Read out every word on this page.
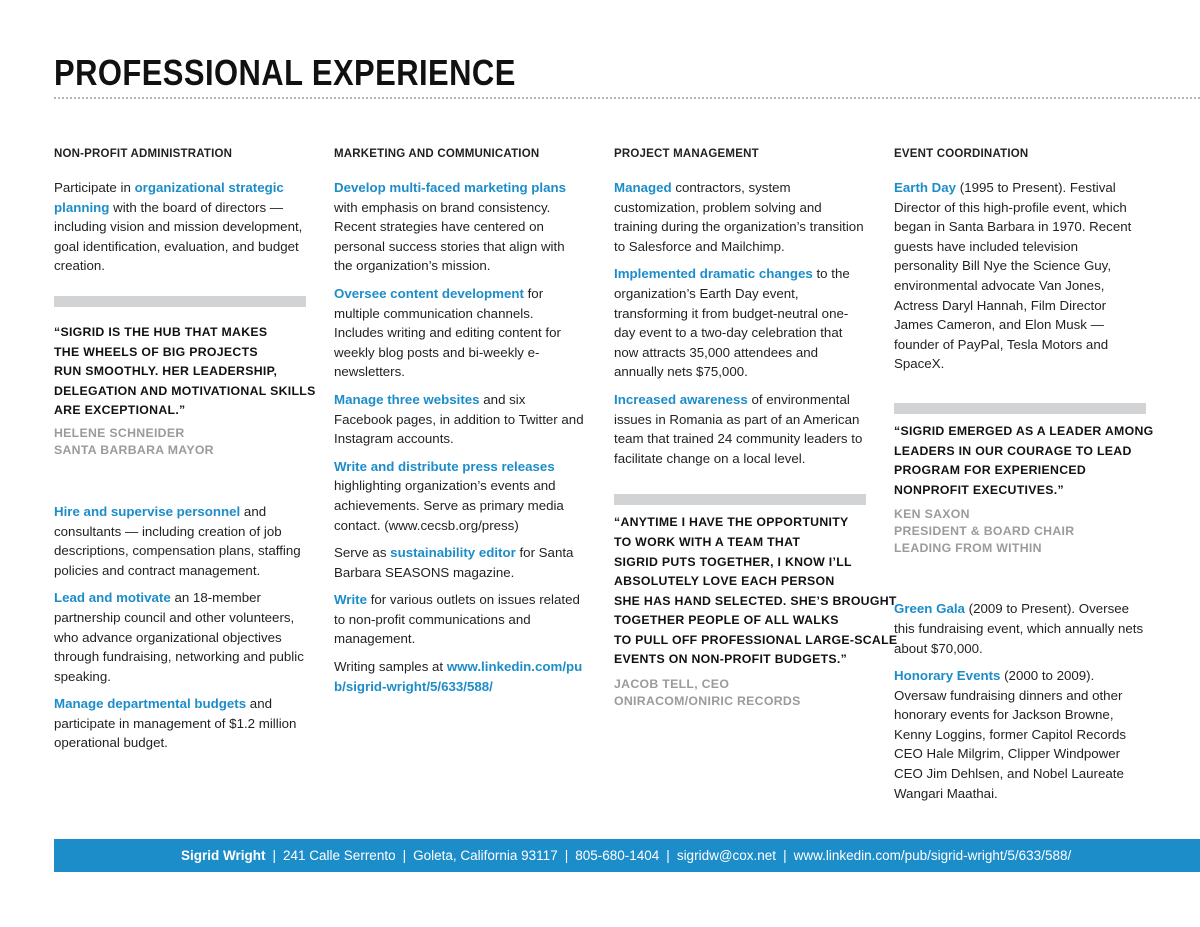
PROFESSIONAL EXPERIENCE
NON-PROFIT ADMINISTRATION

Participate in organizational strategic planning with the board of directors — including vision and mission development, goal identification, evaluation, and budget creation.

“SIGRID IS THE HUB THAT MAKES

THE WHEELS OF BIG PROJECTS

RUN SMOOTHLY. HER LEADERSHIP,

DELEGATION AND MOTIVATIONAL SKILLS

ARE EXCEPTIONAL.”

HELENE SCHNEIDER

SANTA BARBARA MAYOR

Hire and supervise personnel and consultants — including creation of job descriptions, compensation plans, staffing policies and contract management.

Lead and motivate an 18-member partnership council and other volunteers, who advance organizational objectives through fundraising, networking and public speaking.

Manage departmental budgets and participate in management of $1.2 million operational budget.

MARKETING AND COMMUNICATION

Develop multi-faced marketing plans with emphasis on brand consistency. Recent strategies have centered on personal success stories that align with the organization’s mission.

Oversee content development for multiple communication channels. Includes writing and editing content for weekly blog posts and bi-weekly e-newsletters.

Manage three websites and six Facebook pages, in addition to Twitter and Instagram accounts.

Write and distribute press releases highlighting organization’s events and achievements. Serve as primary media contact. (www.cecsb.org/press)

Serve as sustainability editor for Santa Barbara SEASONS magazine.

Write for various outlets on issues related to non-profit communications and management.

Writing samples at www.linkedin.com/pub/sigrid-wright/5/633/588/

PROJECT MANAGEMENT

Managed contractors, system customization, problem solving and training during the organization’s transition to Salesforce and Mailchimp.

Implemented dramatic changes to the organization’s Earth Day event, transforming it from budget-neutral one-day event to a two-day celebration that now attracts 35,000 attendees and annually nets $75,000.

Increased awareness of environmental issues in Romania as part of an American team that trained 24 community leaders to facilitate change on a local level.

“ANYTIME I HAVE THE OPPORTUNITY

TO WORK WITH A TEAM THAT

SIGRID PUTS TOGETHER, I KNOW I’LL

ABSOLUTELY LOVE EACH PERSON

SHE HAS HAND SELECTED. SHE’S BROUGHT

TOGETHER PEOPLE OF ALL WALKS

TO PULL OFF PROFESSIONAL LARGE-SCALE

EVENTS ON NON-PROFIT BUDGETS.”

JACOB TELL, CEO

ONIRACOM/ONIRIC RECORDS

EVENT COORDINATION

Earth Day (1995 to Present). Festival Director of this high-profile event, which began in Santa Barbara in 1970. Recent guests have included television personality Bill Nye the Science Guy, environmental advocate Van Jones, Actress Daryl Hannah, Film Director James Cameron, and Elon Musk — founder of PayPal, Tesla Motors and SpaceX.

“SIGRID EMERGED AS A LEADER AMONG

LEADERS IN OUR COURAGE TO LEAD

PROGRAM FOR EXPERIENCED

NONPROFIT EXECUTIVES.”

KEN SAXON

PRESIDENT & BOARD CHAIR

LEADING FROM WITHIN

Green Gala (2009 to Present). Oversee this fundraising event, which annually nets about $70,000.

Honorary Events (2000 to 2009). Oversaw fundraising dinners and other honorary events for Jackson Browne, Kenny Loggins, former Capitol Records CEO Hale Milgrim, Clipper Windpower CEO Jim Dehlsen, and Nobel Laureate Wangari Maathai.

Sigrid Wright | 241 Calle Serrento | Goleta, California 93117 | 805-680-1404 | sigridw@cox.net | www.linkedin.com/pub/sigrid-wright/5/633/588/
